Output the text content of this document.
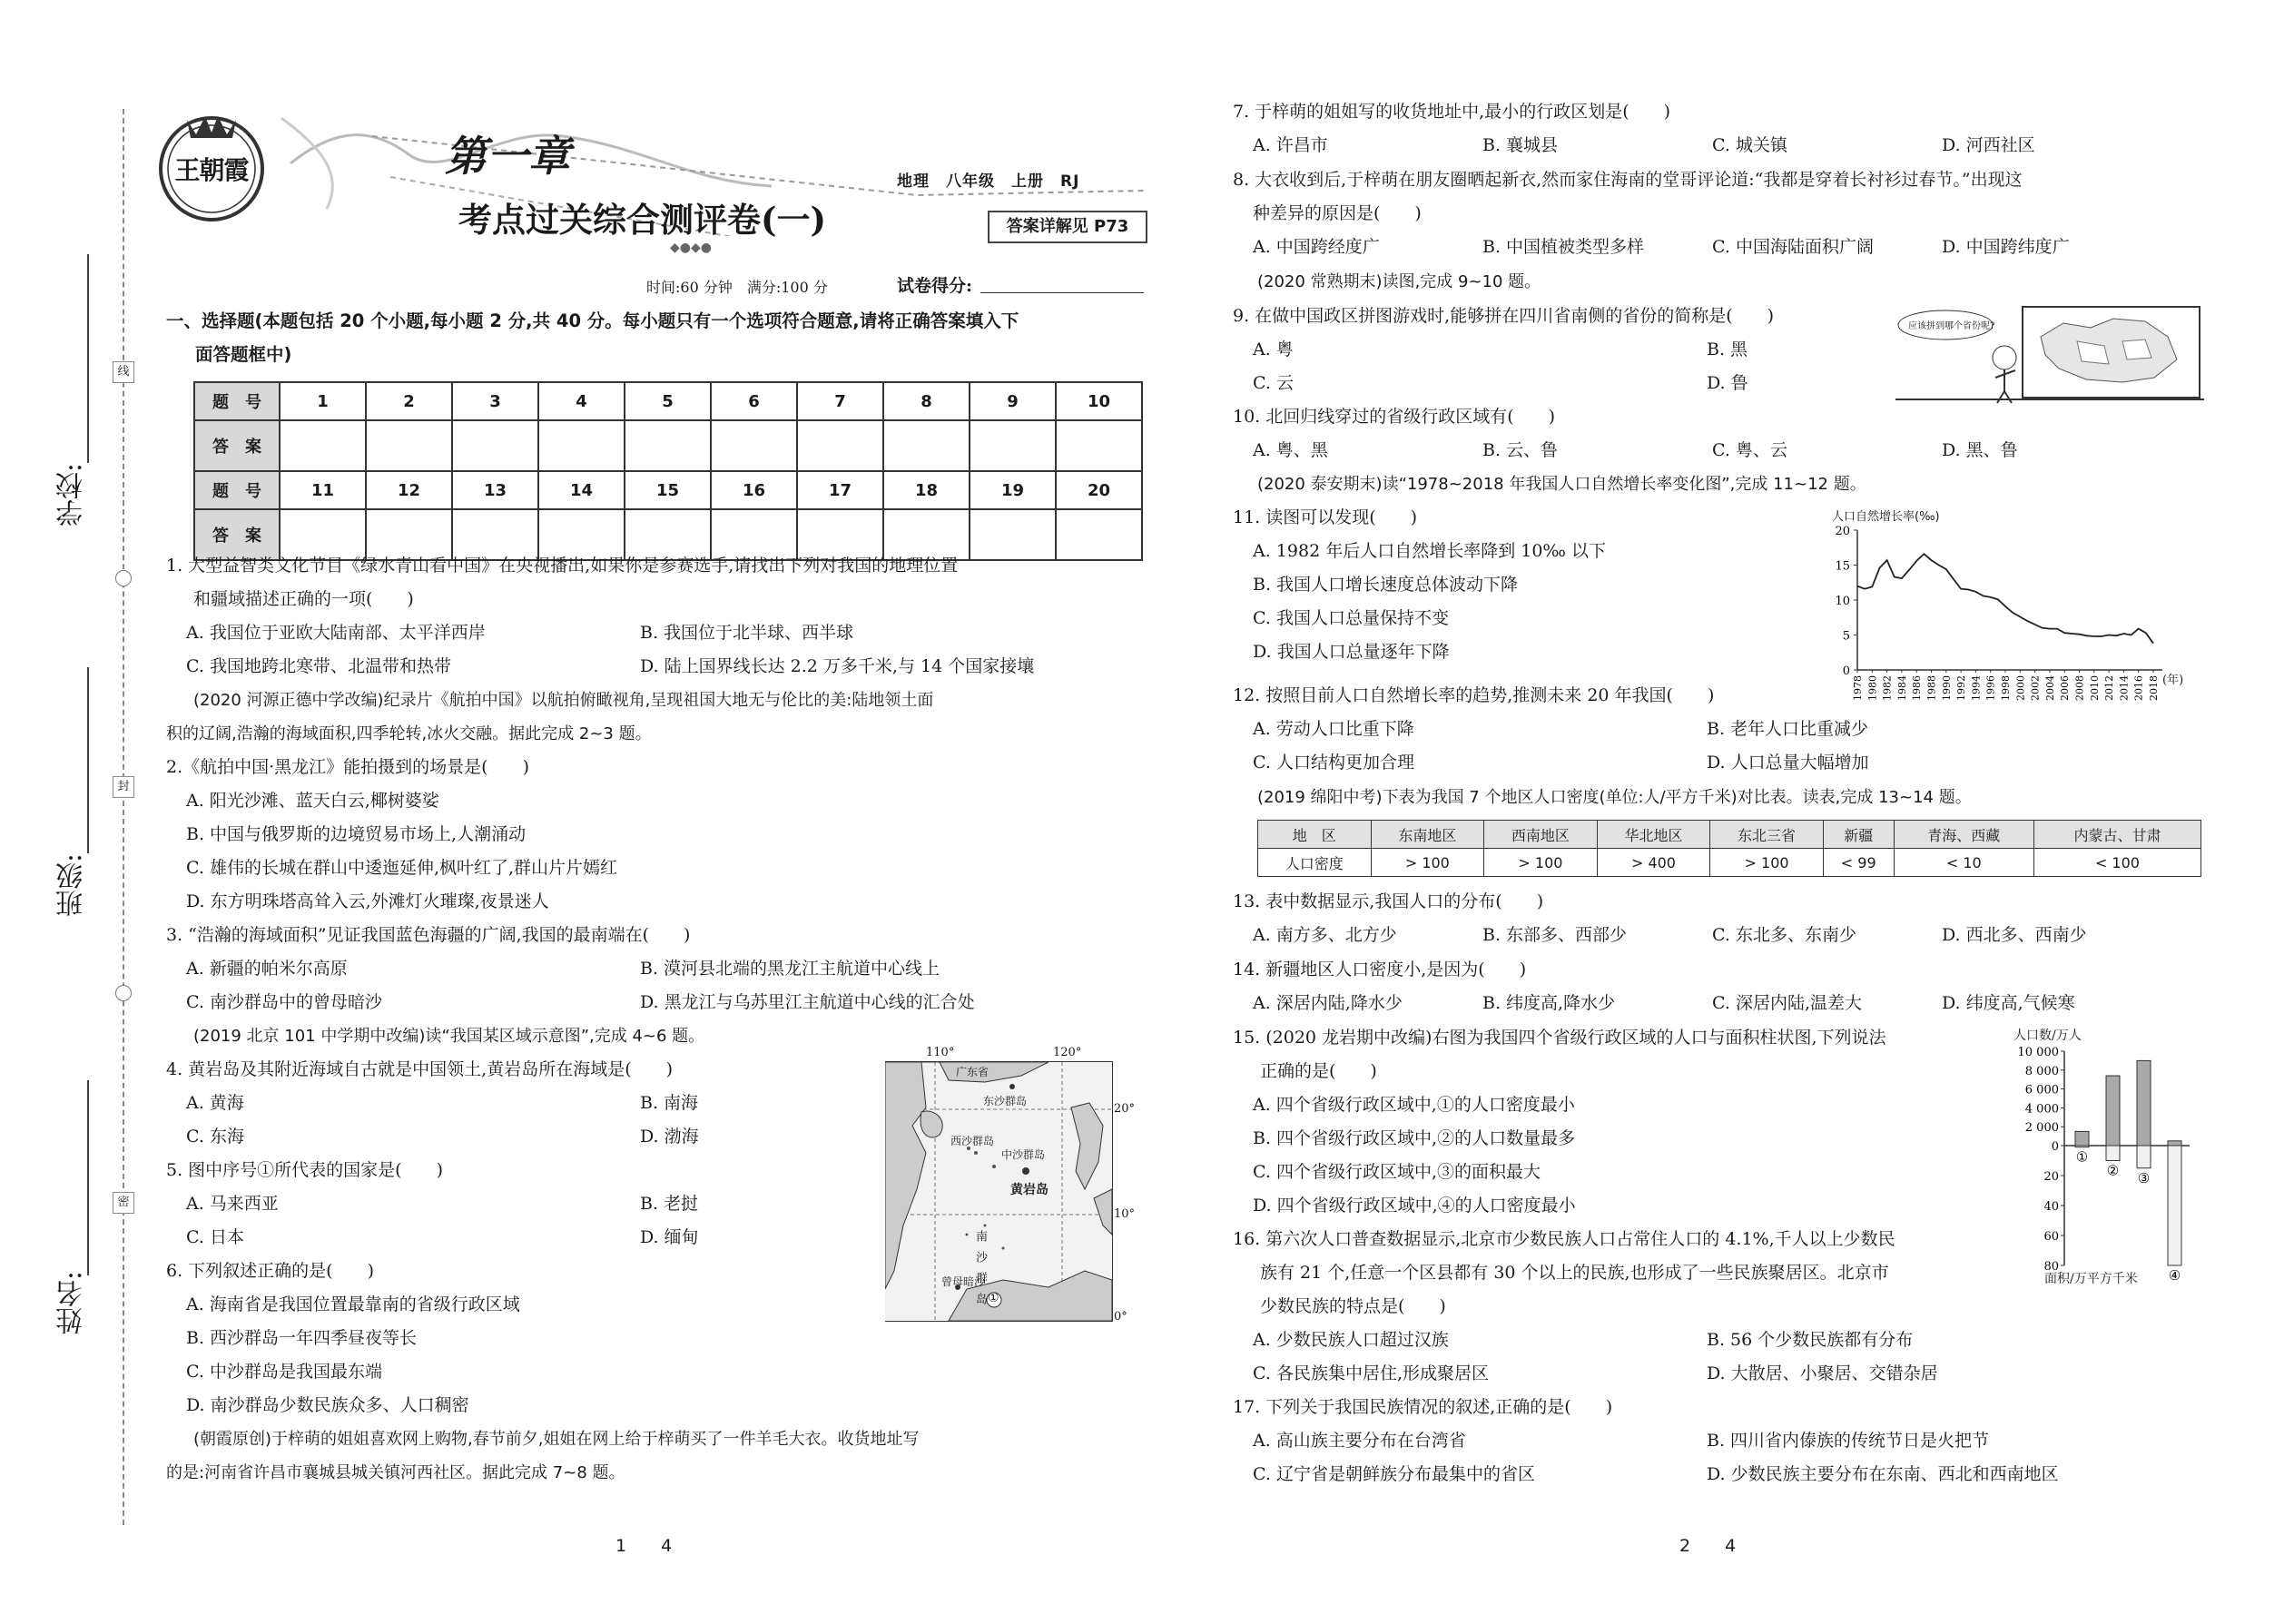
姓名:
班级:
学校:
线
封
密
王朝霞	第一章
地理　八年级　上册　RJ
考点过关综合测评卷(一)	答案详解见 P73
◆●◆●
时间:60 分钟　满分:100 分	试卷得分:
一、选择题(本题包括 20 个小题,每小题 2 分,共 40 分。每小题只有一个选项符合题意,请将正确答案填入下
面答题框中)
题　号	1	2	3	4	5	6	7	8	9	10
答　案										
题　号	11	12	13	14	15	16	17	18	19	20
答　案										
1. 大型益智类文化节目《绿水青山看中国》在央视播出,如果你是参赛选手,请找出下列对我国的地理位置
和疆域描述正确的一项(　　)
A. 我国位于亚欧大陆南部、太平洋西岸	B. 我国位于北半球、西半球
C. 我国地跨北寒带、北温带和热带	D. 陆上国界线长达 2.2 万多千米,与 14 个国家接壤
(2020 河源正德中学改编)纪录片《航拍中国》以航拍俯瞰视角,呈现祖国大地无与伦比的美:陆地领土面
积的辽阔,浩瀚的海域面积,四季轮转,冰火交融。据此完成 2~3 题。
2.《航拍中国·黑龙江》能拍摄到的场景是(　　)
A. 阳光沙滩、蓝天白云,椰树婆娑
B. 中国与俄罗斯的边境贸易市场上,人潮涌动
C. 雄伟的长城在群山中逶迤延伸,枫叶红了,群山片片嫣红
D. 东方明珠塔高耸入云,外滩灯火璀璨,夜景迷人
3. “浩瀚的海域面积”见证我国蓝色海疆的广阔,我国的最南端在(　　)
A. 新疆的帕米尔高原	B. 漠河县北端的黑龙江主航道中心线上
C. 南沙群岛中的曾母暗沙	D. 黑龙江与乌苏里江主航道中心线的汇合处
(2019 北京 101 中学期中改编)读“我国某区域示意图”,完成 4~6 题。
4. 黄岩岛及其附近海域自古就是中国领土,黄岩岛所在海域是(　　)
A. 黄海	B. 南海
C. 东海	D. 渤海
5. 图中序号①所代表的国家是(　　)
A. 马来西亚	B. 老挝
C. 日本	D. 缅甸
6. 下列叙述正确的是(　　)
A. 海南省是我国位置最靠南的省级行政区域
B. 西沙群岛一年四季昼夜等长
C. 中沙群岛是我国最东端
D. 南沙群岛少数民族众多、人口稠密
(朝霞原创)于梓萌的姐姐喜欢网上购物,春节前夕,姐姐在网上给于梓萌买了一件羊毛大衣。收货地址写
的是:河南省许昌市襄城县城关镇河西社区。据此完成 7~8 题。
110°	120°
20°
10°
0°
广东省
东沙群岛
西沙群岛
中沙群岛
黄岩岛
南沙群岛
曾母暗沙
①
1　　4
7. 于梓萌的姐姐写的收货地址中,最小的行政区划是(　　)
A. 许昌市	B. 襄城县	C. 城关镇	D. 河西社区
8. 大衣收到后,于梓萌在朋友圈晒起新衣,然而家住海南的堂哥评论道:“我都是穿着长衬衫过春节。”出现这
种差异的原因是(　　)
A. 中国跨经度广	B. 中国植被类型多样	C. 中国海陆面积广阔	D. 中国跨纬度广
(2020 常熟期末)读图,完成 9~10 题。
9. 在做中国政区拼图游戏时,能够拼在四川省南侧的省份的简称是(　　)
A. 粤	B. 黑
C. 云	D. 鲁
应该拼到哪个省份呢?
10. 北回归线穿过的省级行政区域有(　　)
A. 粤、黑	B. 云、鲁	C. 粤、云	D. 黑、鲁
(2020 泰安期末)读“1978~2018 年我国人口自然增长率变化图”,完成 11~12 题。
11. 读图可以发现(　　)
A. 1982 年后人口自然增长率降到 10‰ 以下
B. 我国人口增长速度总体波动下降
C. 我国人口总量保持不变
D. 我国人口总量逐年下降
人口自然增长率(‰)
0
5
10
15
20
1978 1980 1982 1984 1986 1988 1990 1992 1994 1996 1998 2000 2002 2004 2006 2008 2010 2012 2014 2016 2018 (年)
12. 按照目前人口自然增长率的趋势,推测未来 20 年我国(　　)
A. 劳动人口比重下降	B. 老年人口比重减少
C. 人口结构更加合理	D. 人口总量大幅增加
(2019 绵阳中考)下表为我国 7 个地区人口密度(单位:人/平方千米)对比表。读表,完成 13~14 题。
地　区	东南地区	西南地区	华北地区	东北三省	新疆	青海、西藏	内蒙古、甘肃
人口密度	> 100	> 100	> 400	> 100	< 99	< 10	< 100
13. 表中数据显示,我国人口的分布(　　)
A. 南方多、北方少	B. 东部多、西部少	C. 东北多、东南少	D. 西北多、西南少
14. 新疆地区人口密度小,是因为(　　)
A. 深居内陆,降水少	B. 纬度高,降水少	C. 深居内陆,温差大	D. 纬度高,气候寒
15. (2020 龙岩期中改编)右图为我国四个省级行政区域的人口与面积柱状图,下列说法
正确的是(　　)
A. 四个省级行政区域中,①的人口密度最小
B. 四个省级行政区域中,②的人口数量最多
C. 四个省级行政区域中,③的面积最大
D. 四个省级行政区域中,④的人口密度最小
人口数/万人
10 000
8 000
6 000
4 000
2 000
0
20
40
60
80
①
② ③
④
面积/万平方千米
16. 第六次人口普查数据显示,北京市少数民族人口占常住人口的 4.1%,千人以上少数民
族有 21 个,任意一个区县都有 30 个以上的民族,也形成了一些民族聚居区。北京市
少数民族的特点是(　　)
A. 少数民族人口超过汉族	B. 56 个少数民族都有分布
C. 各民族集中居住,形成聚居区	D. 大散居、小聚居、交错杂居
17. 下列关于我国民族情况的叙述,正确的是(　　)
A. 高山族主要分布在台湾省	B. 四川省内傣族的传统节日是火把节
C. 辽宁省是朝鲜族分布最集中的省区	D. 少数民族主要分布在东南、西北和西南地区
2　　4
